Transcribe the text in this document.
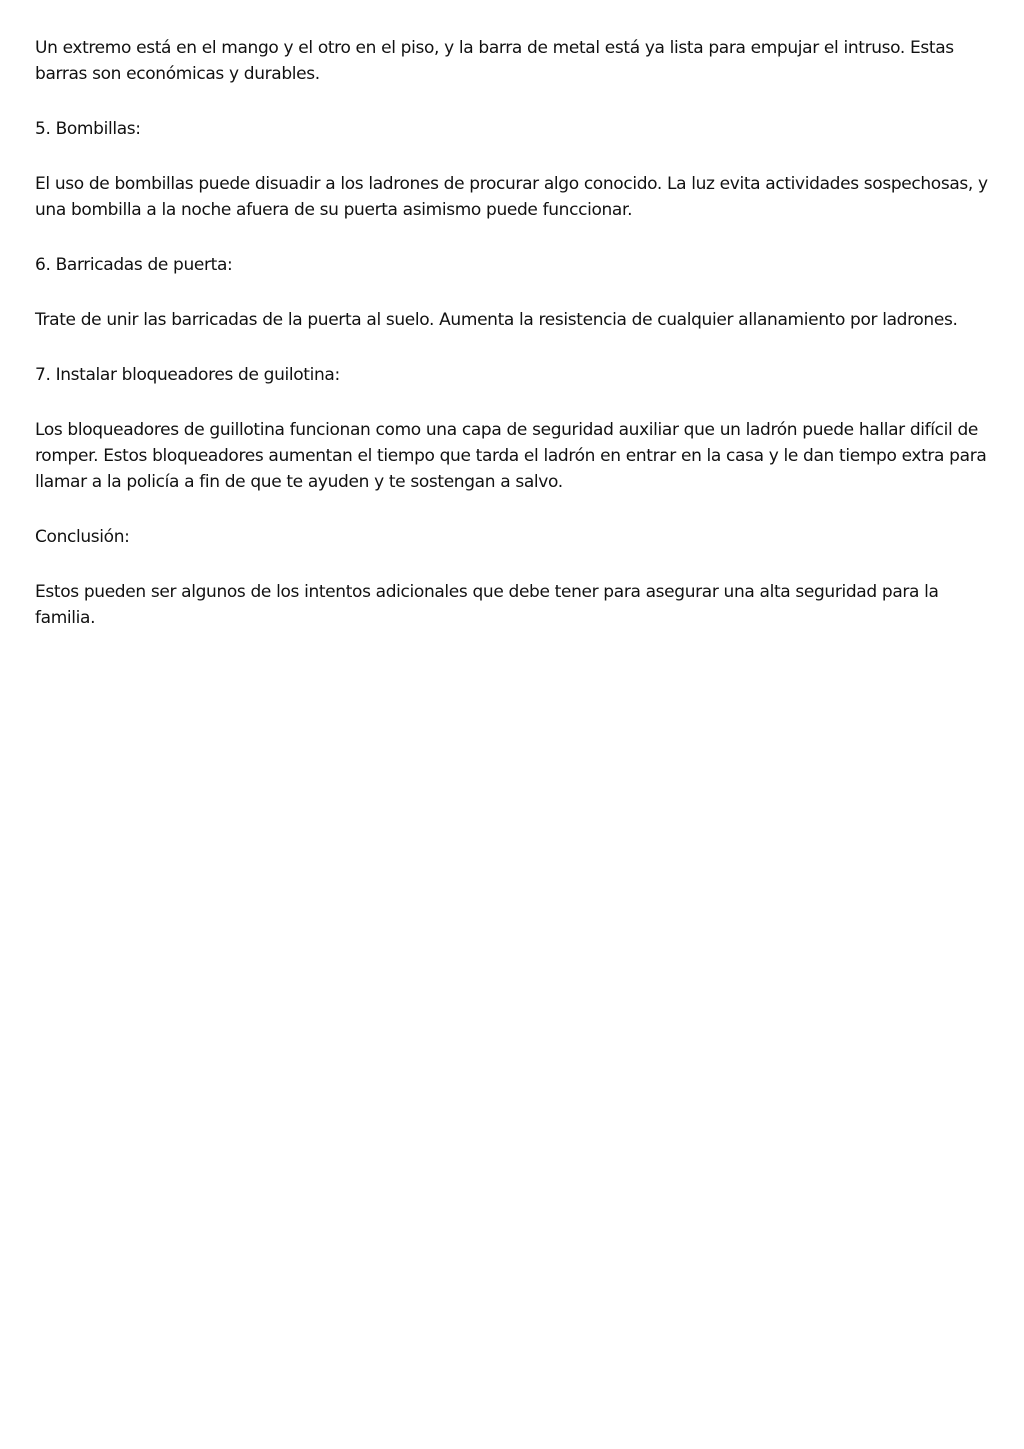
Un extremo está en el mango y el otro en el piso, y la barra de metal está ya lista para empujar el intruso. Estas barras son económicas y durables.

5. Bombillas:

El uso de bombillas puede disuadir a los ladrones de procurar algo conocido. La luz evita actividades sospechosas, y una bombilla a la noche afuera de su puerta asimismo puede funccionar.

6. Barricadas de puerta:

Trate de unir las barricadas de la puerta al suelo. Aumenta la resistencia de cualquier allanamiento por ladrones.

7. Instalar bloqueadores de guilotina:

Los bloqueadores de guillotina funcionan como una capa de seguridad auxiliar que un ladrón puede hallar difícil de romper. Estos bloqueadores aumentan el tiempo que tarda el ladrón en entrar en la casa y le dan tiempo extra para llamar a la policía a fin de que te ayuden y te sostengan a salvo.

Conclusión:

Estos pueden ser algunos de los intentos adicionales que debe tener para asegurar una alta seguridad para la familia.
